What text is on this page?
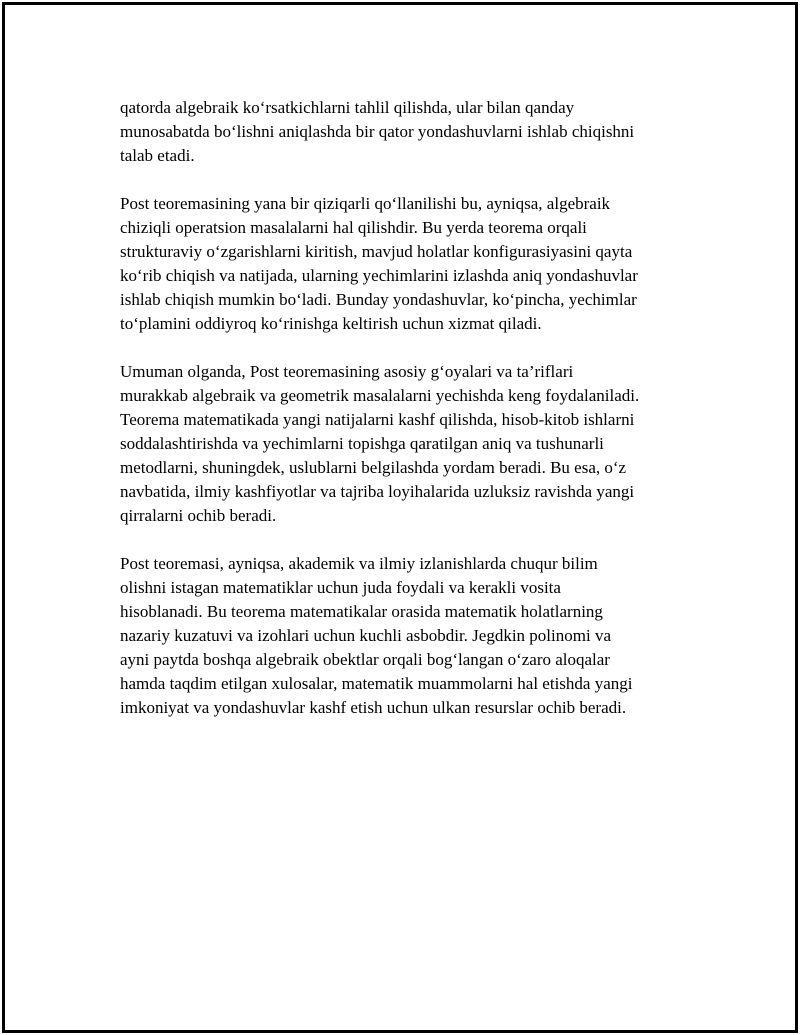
qatorda algebraik ko‘rsatkichlarni tahlil qilishda, ular bilan qanday
munosabatda bo‘lishni aniqlashda bir qator yondashuvlarni ishlab chiqishni
talab etadi.

Post teoremasining yana bir qiziqarli qo‘llanilishi bu, ayniqsa, algebraik
chiziqli operatsion masalalarni hal qilishdir. Bu yerda teorema orqali
strukturaviy o‘zgarishlarni kiritish, mavjud holatlar konfigurasiyasini qayta
ko‘rib chiqish va natijada, ularning yechimlarini izlashda aniq yondashuvlar
ishlab chiqish mumkin bo‘ladi. Bunday yondashuvlar, ko‘pincha, yechimlar
to‘plamini oddiyroq ko‘rinishga keltirish uchun xizmat qiladi.

Umuman olganda, Post teoremasining asosiy g‘oyalari va ta’riflari
murakkab algebraik va geometrik masalalarni yechishda keng foydalaniladi.
Teorema matematikada yangi natijalarni kashf qilishda, hisob-kitob ishlarni
soddalashtirishda va yechimlarni topishga qaratilgan aniq va tushunarli
metodlarni, shuningdek, uslublarni belgilashda yordam beradi. Bu esa, o‘z
navbatida, ilmiy kashfiyotlar va tajriba loyihalarida uzluksiz ravishda yangi
qirralarni ochib beradi.

Post teoremasi, ayniqsa, akademik va ilmiy izlanishlarda chuqur bilim
olishni istagan matematiklar uchun juda foydali va kerakli vosita
hisoblanadi. Bu teorema matematikalar orasida matematik holatlarning
nazariy kuzatuvi va izohlari uchun kuchli asbobdir. Jegdkin polinomi va
ayni paytda boshqa algebraik obektlar orqali bog‘langan o‘zaro aloqalar
hamda taqdim etilgan xulosalar, matematik muammolarni hal etishda yangi
imkoniyat va yondashuvlar kashf etish uchun ulkan resurslar ochib beradi.
